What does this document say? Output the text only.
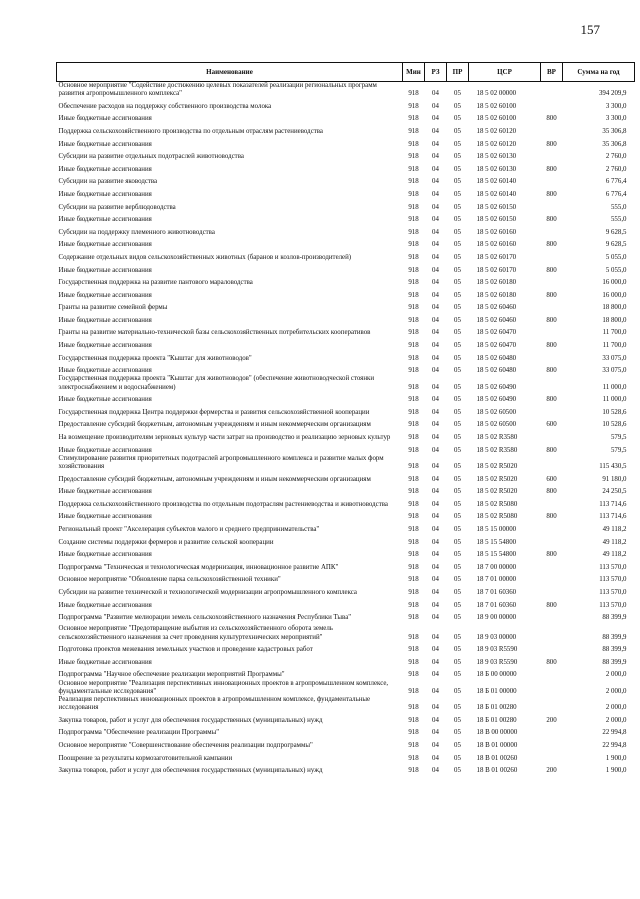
157
Наименование	Мин	РЗ	ПР	ЦСР	ВР	Сумма на год
Основное мероприятие "Содействие достижению целевых показателей реализации региональных программ развития агропромышленного комплекса"	918	04	05	18 5 02 00000		394 209,9
Обеспечение расходов на поддержку собственного производства молока	918	04	05	18 5 02 60100		3 300,0
Иные бюджетные ассигнования	918	04	05	18 5 02 60100	800	3 300,0
Поддержка сельскохозяйственного производства по отдельным отраслям растениеводства	918	04	05	18 5 02 60120		35 306,8
Иные бюджетные ассигнования	918	04	05	18 5 02 60120	800	35 306,8
Субсидии на развитие отдельных подотраслей животноводства	918	04	05	18 5 02 60130		2 760,0
Иные бюджетные ассигнования	918	04	05	18 5 02 60130	800	2 760,0
Субсидии на развитие яководства	918	04	05	18 5 02 60140		6 776,4
Иные бюджетные ассигнования	918	04	05	18 5 02 60140	800	6 776,4
Субсидии на развитие верблюдоводства	918	04	05	18 5 02 60150		555,0
Иные бюджетные ассигнования	918	04	05	18 5 02 60150	800	555,0
Субсидии на поддержку племенного животноводства	918	04	05	18 5 02 60160		9 628,5
Иные бюджетные ассигнования	918	04	05	18 5 02 60160	800	9 628,5
Содержание отдельных видов сельскохозяйственных животных (баранов и козлов-производителей)	918	04	05	18 5 02 60170		5 055,0
Иные бюджетные ассигнования	918	04	05	18 5 02 60170	800	5 055,0
Государственная поддержка на развитие пантового мараловодства	918	04	05	18 5 02 60180		16 000,0
Иные бюджетные ассигнования	918	04	05	18 5 02 60180	800	16 000,0
Гранты на развитие семейной фермы	918	04	05	18 5 02 60460		18 800,0
Иные бюджетные ассигнования	918	04	05	18 5 02 60460	800	18 800,0
Гранты на развитие материально-технической базы сельскохозяйственных потребительских кооперативов	918	04	05	18 5 02 60470		11 700,0
Иные бюджетные ассигнования	918	04	05	18 5 02 60470	800	11 700,0
Государственная поддержка проекта "Кыштаг для животноводов"	918	04	05	18 5 02 60480		33 075,0
Иные бюджетные ассигнования	918	04	05	18 5 02 60480	800	33 075,0
Государственная поддержка проекта "Кыштаг для животноводов" (обеспечение животноводческой стоянки электроснабжением и водоснабжением)	918	04	05	18 5 02 60490		11 000,0
Иные бюджетные ассигнования	918	04	05	18 5 02 60490	800	11 000,0
Государственная поддержка Центра поддержки фермерства и развития сельскохозяйственной кооперации	918	04	05	18 5 02 60500		10 528,6
Предоставление субсидий бюджетным, автономным учреждениям и иным некоммерческим организациям	918	04	05	18 5 02 60500	600	10 528,6
На возмещение производителям зерновых культур части затрат на производство и реализацию зерновых культур	918	04	05	18 5 02 R3580		579,5
Иные бюджетные ассигнования	918	04	05	18 5 02 R3580	800	579,5
Стимулирование развития приоритетных подотраслей агропромышленного комплекса и развитие малых форм хозяйствования	918	04	05	18 5 02 R5020		115 430,5
Предоставление субсидий бюджетным, автономным учреждениям и иным некоммерческим организациям	918	04	05	18 5 02 R5020	600	91 180,0
Иные бюджетные ассигнования	918	04	05	18 5 02 R5020	800	24 250,5
Поддержка сельскохозяйственного производства по отдельным подотраслям растениеводства и животноводства	918	04	05	18 5 02 R5080		113 714,6
Иные бюджетные ассигнования	918	04	05	18 5 02 R5080	800	113 714,6
Региональный проект "Акселерация субъектов малого и среднего предпринимательства"	918	04	05	18 5 15 00000		49 118,2
Создание системы поддержки фермеров и развитие сельской кооперации	918	04	05	18 5 15 54800		49 118,2
Иные бюджетные ассигнования	918	04	05	18 5 15 54800	800	49 118,2
Подпрограмма "Техническая и технологическая модернизация, инновационное развитие АПК"	918	04	05	18 7 00 00000		113 570,0
Основное мероприятие "Обновление парка сельскохозяйственной техники"	918	04	05	18 7 01 00000		113 570,0
Субсидии на развитие технической и технологической модернизации агропромышленного комплекса	918	04	05	18 7 01 60360		113 570,0
Иные бюджетные ассигнования	918	04	05	18 7 01 60360	800	113 570,0
Подпрограмма "Развитие мелиорации земель сельскохозяйственного назначения Республики Тыва"	918	04	05	18 9 00 00000		88 399,9
Основное мероприятие "Предотвращение выбытия из сельскохозяйственного оборота земель сельскохозяйственного назначения за счет проведения культуртехнических мероприятий"	918	04	05	18 9 03 00000		88 399,9
Подготовка проектов межевания земельных участков и проведение кадастровых работ	918	04	05	18 9 03 R5590		88 399,9
Иные бюджетные ассигнования	918	04	05	18 9 03 R5590	800	88 399,9
Подпрограмма "Научное обеспечение реализации мероприятий Программы"	918	04	05	18 Б 00 00000		2 000,0
Основное мероприятие "Реализация перспективных инновационных проектов в агропромышленном комплексе, фундаментальные исследования"	918	04	05	18 Б 01 00000		2 000,0
Реализация перспективных инновационных проектов в агропромышленном комплексе, фундаментальные исследования	918	04	05	18 Б 01 00280		2 000,0
Закупка товаров, работ и услуг для обеспечения государственных (муниципальных) нужд	918	04	05	18 Б 01 00280	200	2 000,0
Подпрограмма "Обеспечение реализации Программы"	918	04	05	18 В 00 00000		22 994,8
Основное мероприятие "Совершенствование обеспечения реализации подпрограммы"	918	04	05	18 В 01 00000		22 994,8
Поощрение за результаты кормозаготовительной кампании	918	04	05	18 В 01 00260		1 900,0
Закупка товаров, работ и услуг для обеспечения государственных (муниципальных) нужд	918	04	05	18 В 01 00260	200	1 900,0
